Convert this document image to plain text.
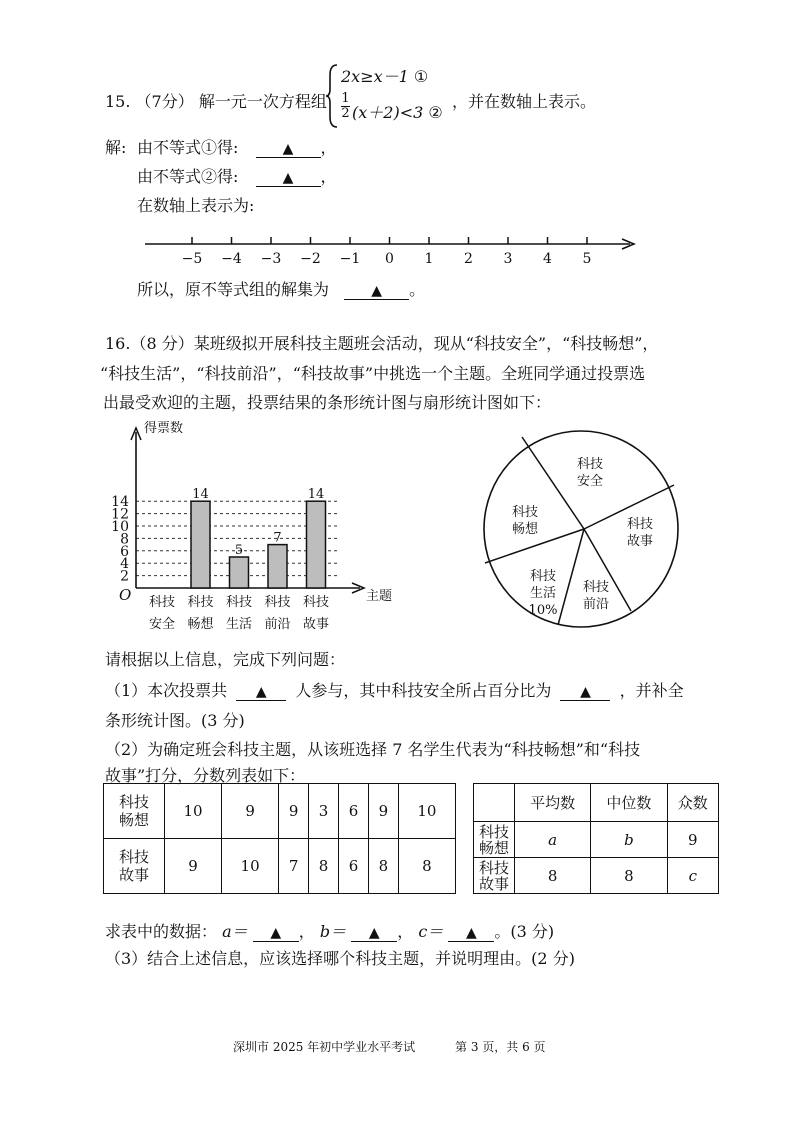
15. （7分） 解一元一次方程组
2x≥x－1 ①
$\frac{1}{2} (x+2)<3$ ②
，并在数轴上表示。
解: 由不等式①得:	▲ ，
由不等式②得:	▲ ，
在数轴上表示为:
−5 −4 −3 −2 −1 0 1 2 3 4 5
所以，原不等式组的解集为	▲ 。
16.（8 分）某班级拟开展科技主题班会活动，现从“科技安全”，“科技畅想”，
“科技生活”，“科技前沿”，“科技故事”中挑选一个主题。全班同学通过投票选
出最受欢迎的主题，投票结果的条形统计图与扇形统计图如下：
2
4
6
8
10
12
14
得票数
主题
O 科技
安全
14
科技
畅想
5
科技
生活
7
科技
前沿
14
科技
故事
科技安全
科技故事
科技前沿
科技生活
10%
科技畅想
请根据以上信息，完成下列问题：
（1）本次投票共 ▲ 人参与，其中科技安全所占百分比为 ▲ ，并补全
条形统计图。(3 分)
（2）为确定班会科技主题，从该班选择 7 名学生代表为“科技畅想”和“科技
故事”打分，分数列表如下：
科技
畅想	10	9	9	3	6	9	10

科技
故事	9	10	7	8	6	8	8
	平均数	中位数	众数

科技
畅想	a	b	9

科技
故事	8	8	c
求表中的数据： a＝ ▲ ， b＝ ▲ ， c＝ ▲ 。(3 分)
（3）结合上述信息，应该选择哪个科技主题，并说明理由。(2 分)
深圳市 2025 年初中学业水平考试	第 3 页，共 6 页
